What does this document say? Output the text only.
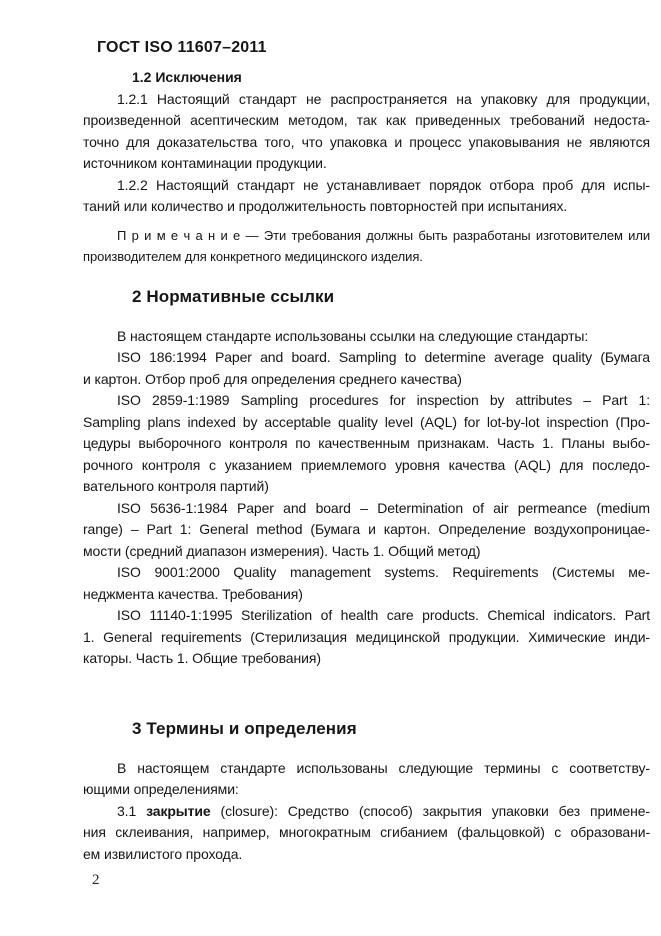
ГОСТ ISO 11607–2011
1.2 Исключения
1.2.1 Настоящий стандарт не распространяется на упаковку для продукции,
произведенной асептическим методом, так как приведенных требований недоста-
точно для доказательства того, что упаковка и процесс упаковывания не являются
источником контаминации продукции.
1.2.2 Настоящий стандарт не устанавливает порядок отбора проб для испы-
таний или количество и продолжительность повторностей при испытаниях.
П р и м е ч а н и е — Эти требования должны быть разработаны изготовителем или
производителем для конкретного медицинского изделия.
2 Нормативные ссылки
В настоящем стандарте использованы ссылки на следующие стандарты:
ISO 186:1994 Paper and board. Sampling to determine average quality (Бумага
и картон. Отбор проб для определения среднего качества)
ISO 2859-1:1989 Sampling procedures for inspection by attributes – Part 1:
Sampling plans indexed by acceptable quality level (AQL) for lot-by-lot inspection (Про-
цедуры выборочного контроля по качественным признакам. Часть 1. Планы выбо-
рочного контроля с указанием приемлемого уровня качества (AQL) для последо-
вательного контроля партий)
ISO 5636-1:1984 Paper and board – Determination of air permeance (medium
range) – Part 1: General method (Бумага и картон. Определение воздухопроницае-
мости (средний диапазон измерения). Часть 1. Общий метод)
ISO 9001:2000 Quality management systems. Requirements (Системы ме-
неджмента качества. Требования)
ISO 11140-1:1995 Sterilization of health care products. Chemical indicators. Part
1. General requirements (Стерилизация медицинской продукции. Химические инди-
каторы. Часть 1. Общие требования)
3 Термины и определения
В настоящем стандарте использованы следующие термины с соответству-
ющими определениями:
3.1 закрытие (closure): Средство (способ) закрытия упаковки без примене-
ния склеивания, например, многократным сгибанием (фальцовкой) с образовани-
ем извилистого прохода.
2
